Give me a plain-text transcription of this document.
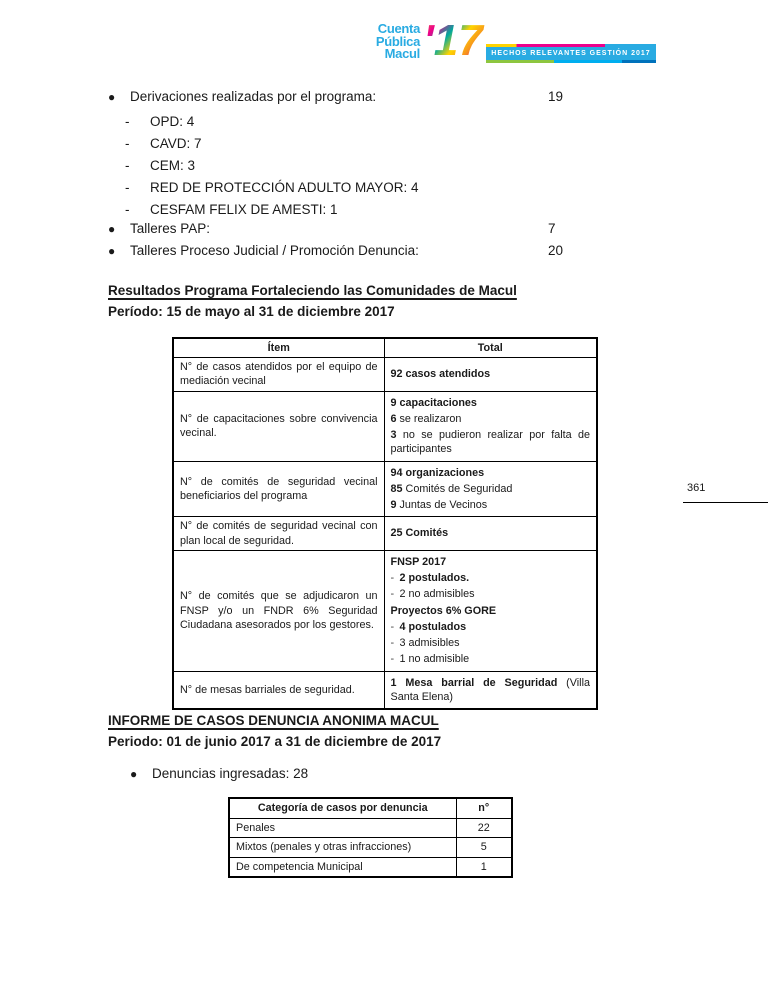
Cuenta
Pública
Macul '17	HECHOS RELEVANTES GESTIÓN 2017
● Derivaciones realizadas por el programa:	19
-	OPD: 4
-	CAVD: 7
-	CEM: 3
-	RED DE PROTECCIÓN ADULTO MAYOR: 4
-	CESFAM FELIX DE AMESTI: 1
● Talleres PAP:	7
● Talleres Proceso Judicial / Promoción Denuncia:	20
Resultados Programa Fortaleciendo las Comunidades de Macul
Período: 15 de mayo al 31 de diciembre 2017
Ítem	Total
N° de casos atendidos por el equipo de mediación vecinal	92 casos atendidos

N° de capacitaciones sobre convivencia vecinal.	9 capacitaciones
6 se realizaron
3 no se pudieron realizar por falta de participantes

N° de comités de seguridad vecinal beneficiarios del programa	94 organizaciones
85 Comités de Seguridad
9 Juntas de Vecinos

N° de comités de seguridad vecinal con plan local de seguridad.	25 Comités

N° de comités que se adjudicaron un FNSP y/o un FNDR 6% Seguridad Ciudadana asesorados por los gestores.	
FNSP 2017
- 2 postulados.
- 2 no admisibles
Proyectos 6% GORE
- 4 postulados
- 3 admisibles
- 1 no admisible

N° de mesas barriales de seguridad.	1 Mesa barrial de Seguridad (Villa Santa Elena)
361
INFORME DE CASOS DENUNCIA ANONIMA MACUL
Periodo: 01 de junio 2017 a 31 de diciembre de 2017
● Denuncias ingresadas: 28
Categoría de casos por denuncia	n°
Penales	22
Mixtos (penales y otras infracciones)	5
De competencia Municipal	1
